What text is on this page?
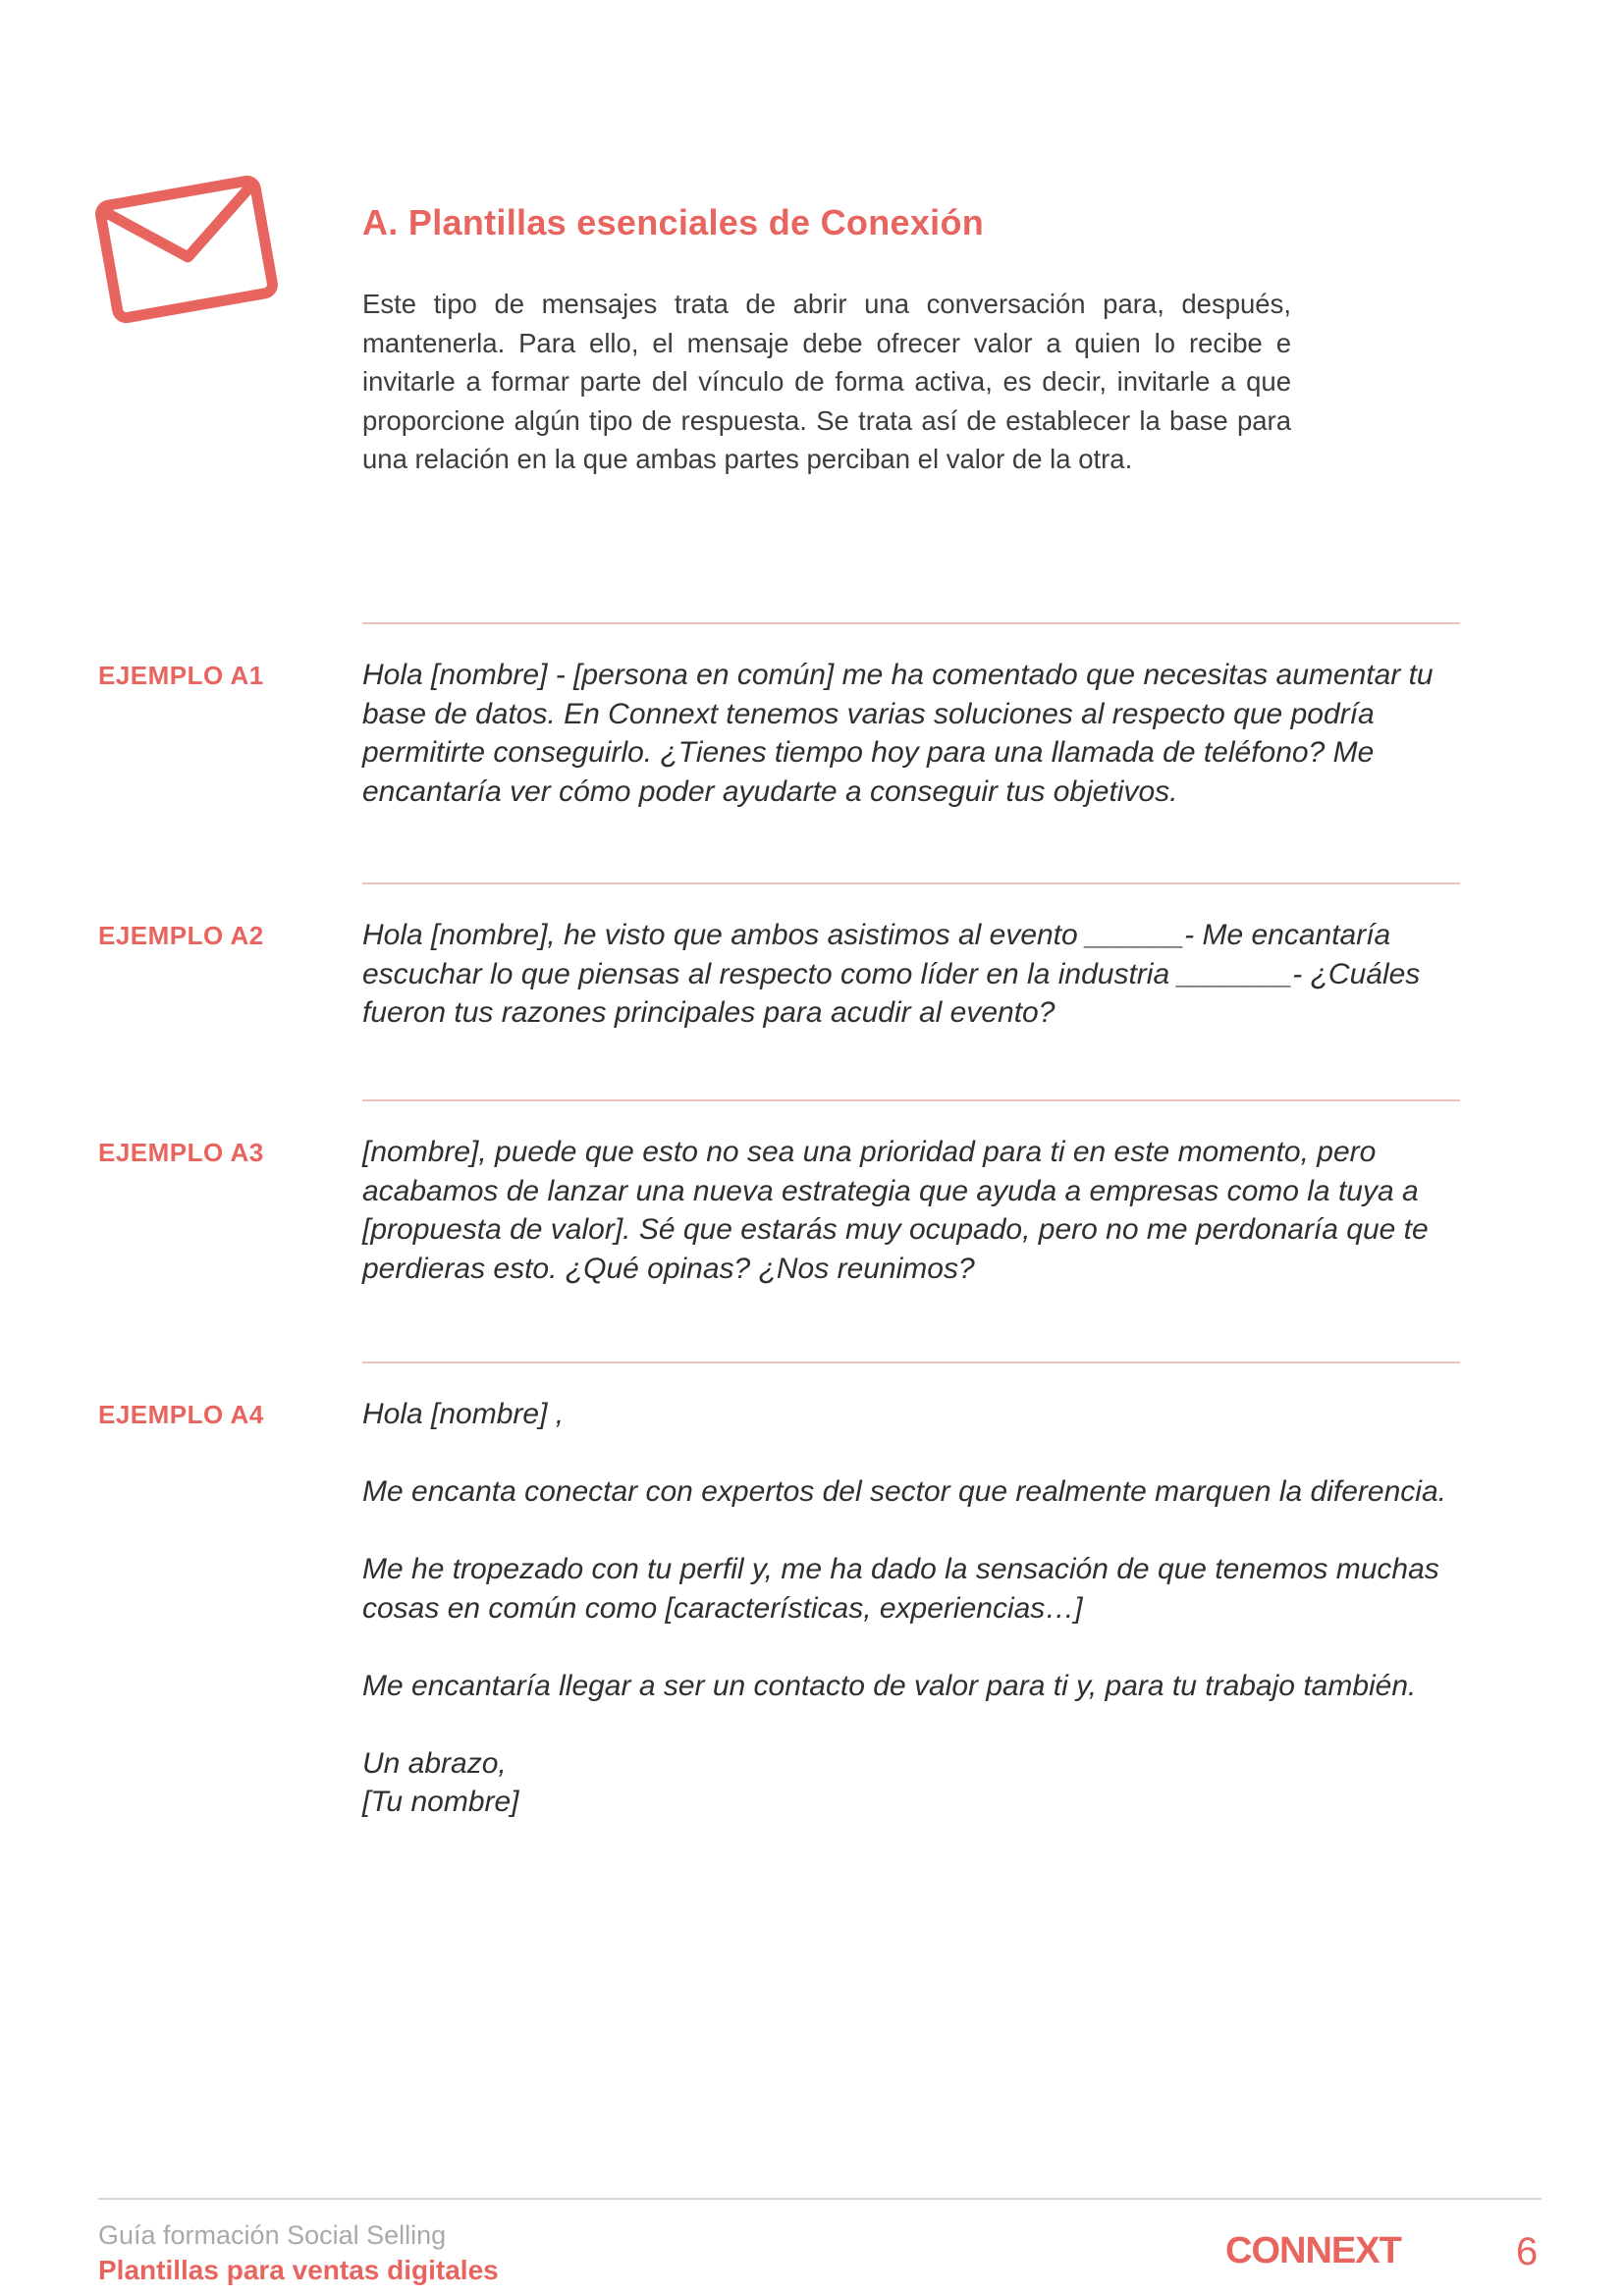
A. Plantillas esenciales de Conexión

Este tipo de mensajes trata de abrir una conversación para, después, mantenerla. Para ello, el mensaje debe ofrecer valor a quien lo recibe e invitarle a formar parte del vínculo de forma activa, es decir, invitarle a que proporcione algún tipo de respuesta. Se trata así de establecer la base para una relación en la que ambas partes perciban el valor de la otra.

EJEMPLO A1	Hola [nombre] - [persona en común] me ha comentado que necesitas aumentar tu base de datos. En Connext tenemos varias soluciones al respecto que podría permitirte conseguirlo. ¿Tienes tiempo hoy para una llamada de teléfono? Me encantaría ver cómo poder ayudarte a conseguir tus objetivos.

EJEMPLO A2	Hola [nombre], he visto que ambos asistimos al evento ______- Me encantaría escuchar lo que piensas al respecto como líder en la industria _______- ¿Cuáles fueron tus razones principales para acudir al evento?

EJEMPLO A3	[nombre], puede que esto no sea una prioridad para ti en este momento, pero acabamos de lanzar una nueva estrategia que ayuda a empresas como la tuya a [propuesta de valor]. Sé que estarás muy ocupado, pero no me perdonaría que te perdieras esto. ¿Qué opinas? ¿Nos reunimos?

EJEMPLO A4	Hola [nombre] ,

Me encanta conectar con expertos del sector que realmente marquen la diferencia.

Me he tropezado con tu perfil y, me ha dado la sensación de que tenemos muchas cosas en común como [características, experiencias…]

Me encantaría llegar a ser un contacto de valor para ti y, para tu trabajo también.

Un abrazo,
[Tu nombre]

Guía formación Social Selling
Plantillas para ventas digitales	CONNEXT	6
